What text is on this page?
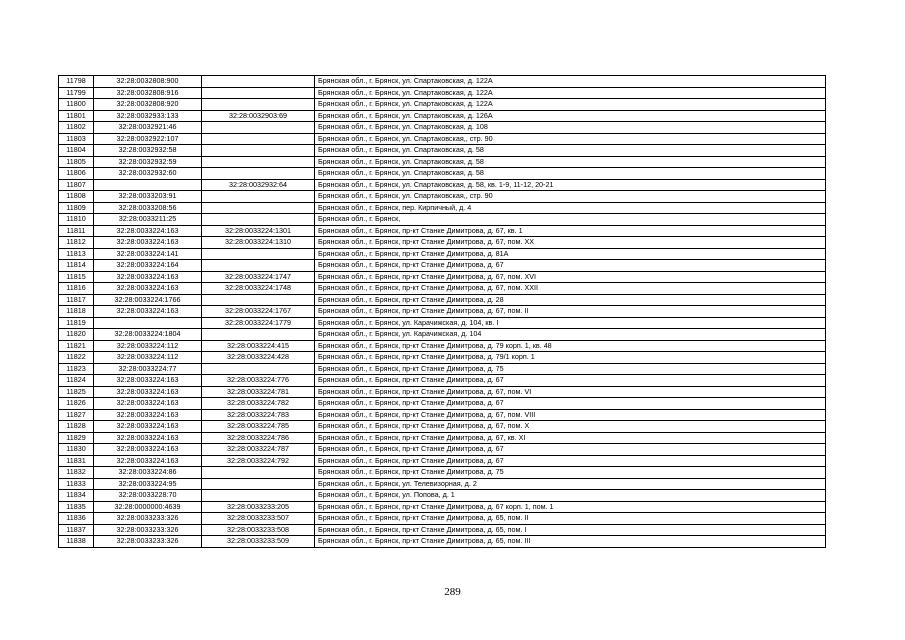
11798	32:28:0032808:900		Брянская обл., г. Брянск, ул. Спартаковская, д. 122А
11799	32:28:0032808:916		Брянская обл., г. Брянск, ул. Спартаковская, д. 122А
11800	32:28:0032808:920		Брянская обл., г. Брянск, ул. Спартаковская, д. 122А
11801	32:28:0032933:133	32:28:0032903:69	Брянская обл., г. Брянск, ул. Спартаковская, д. 126А
11802	32:28:0032921:46		Брянская обл., г. Брянск, ул. Спартаковская, д. 108
11803	32:28:0032922:107		Брянская обл., г. Брянск, ул. Спартаковская,, стр. 90
11804	32:28:0032932:58		Брянская обл., г. Брянск, ул. Спартаковская, д. 58
11805	32:28:0032932:59		Брянская обл., г. Брянск, ул. Спартаковская, д. 58
11806	32:28:0032932:60		Брянская обл., г. Брянск, ул. Спартаковская, д. 58
11807		32:28:0032932:64	Брянская обл., г. Брянск, ул. Спартаковская, д. 58, кв. 1-9, 11-12, 20-21
11808	32:28:0033203:91		Брянская обл., г. Брянск, ул. Спартаковская,, стр. 90
11809	32:28:0033208:56		Брянская обл., г. Брянск, пер. Кирпичный, д. 4
11810	32:28:0033211:25		Брянская обл., г. Брянск,
11811	32:28:0033224:163	32:28:0033224:1301	Брянская обл., г. Брянск, пр-кт Станке Димитрова, д. 67, кв. 1
11812	32:28:0033224:163	32:28:0033224:1310	Брянская обл., г. Брянск, пр-кт Станке Димитрова, д. 67, пом. XX
11813	32:28:0033224:141		Брянская обл., г. Брянск, пр-кт Станке Димитрова, д. 81А
11814	32:28:0033224:164		Брянская обл., г. Брянск, пр-кт Станке Димитрова, д. 67
11815	32:28:0033224:163	32:28:0033224:1747	Брянская обл., г. Брянск, пр-кт Станке Димитрова, д. 67, пом. XVI
11816	32:28:0033224:163	32:28:0033224:1748	Брянская обл., г. Брянск, пр-кт Станке Димитрова, д. 67, пом. XXII
11817	32:28:0033224:1766		Брянская обл., г. Брянск, пр-кт Станке Димитрова, д. 28
11818	32:28:0033224:163	32:28:0033224:1767	Брянская обл., г. Брянск, пр-кт Станке Димитрова, д. 67, пом. II
11819		32:28:0033224:1779	Брянская обл., г. Брянск, ул. Карачижская, д. 104, кв. I
11820	32:28:0033224:1804		Брянская обл., г. Брянск, ул. Карачижская, д. 104
11821	32:28:0033224:112	32:28:0033224:415	Брянская обл., г. Брянск, пр-кт Станке Димитрова, д. 79 корп. 1, кв. 48
11822	32:28:0033224:112	32:28:0033224:428	Брянская обл., г. Брянск, пр-кт Станке Димитрова, д. 79/1 корп. 1
11823	32:28:0033224:77		Брянская обл., г. Брянск, пр-кт Станке Димитрова, д. 75
11824	32:28:0033224:163	32:28:0033224:776	Брянская обл., г. Брянск, пр-кт Станке Димитрова, д. 67
11825	32:28:0033224:163	32:28:0033224:781	Брянская обл., г. Брянск, пр-кт Станке Димитрова, д. 67, пом. VI
11826	32:28:0033224:163	32:28:0033224:782	Брянская обл., г. Брянск, пр-кт Станке Димитрова, д. 67
11827	32:28:0033224:163	32:28:0033224:783	Брянская обл., г. Брянск, пр-кт Станке Димитрова, д. 67, пом. VIII
11828	32:28:0033224:163	32:28:0033224:785	Брянская обл., г. Брянск, пр-кт Станке Димитрова, д. 67, пом. X
11829	32:28:0033224:163	32:28:0033224:786	Брянская обл., г. Брянск, пр-кт Станке Димитрова, д. 67, кв. XI
11830	32:28:0033224:163	32:28:0033224:787	Брянская обл., г. Брянск, пр-кт Станке Димитрова, д. 67
11831	32:28:0033224:163	32:28:0033224:792	Брянская обл., г. Брянск, пр-кт Станке Димитрова, д. 67
11832	32:28:0033224:86		Брянская обл., г. Брянск, пр-кт Станке Димитрова, д. 75
11833	32:28:0033224:95		Брянская обл., г. Брянск, ул. Телевизорная, д. 2
11834	32:28:0033228:70		Брянская обл., г. Брянск, ул. Попова, д. 1
11835	32:28:0000000:4639	32:28:0033233:205	Брянская обл., г. Брянск, пр-кт Станке Димитрова, д. 67 корп. 1, пом. 1
11836	32:28:0033233:326	32:28:0033233:507	Брянская обл., г. Брянск, пр-кт Станке Димитрова, д. 65, пом. II
11837	32:28:0033233:326	32:28:0033233:508	Брянская обл., г. Брянск, пр-кт Станке Димитрова, д. 65, пом. I
11838	32:28:0033233:326	32:28:0033233:509	Брянская обл., г. Брянск, пр-кт Станке Димитрова, д. 65, пом. III
289
